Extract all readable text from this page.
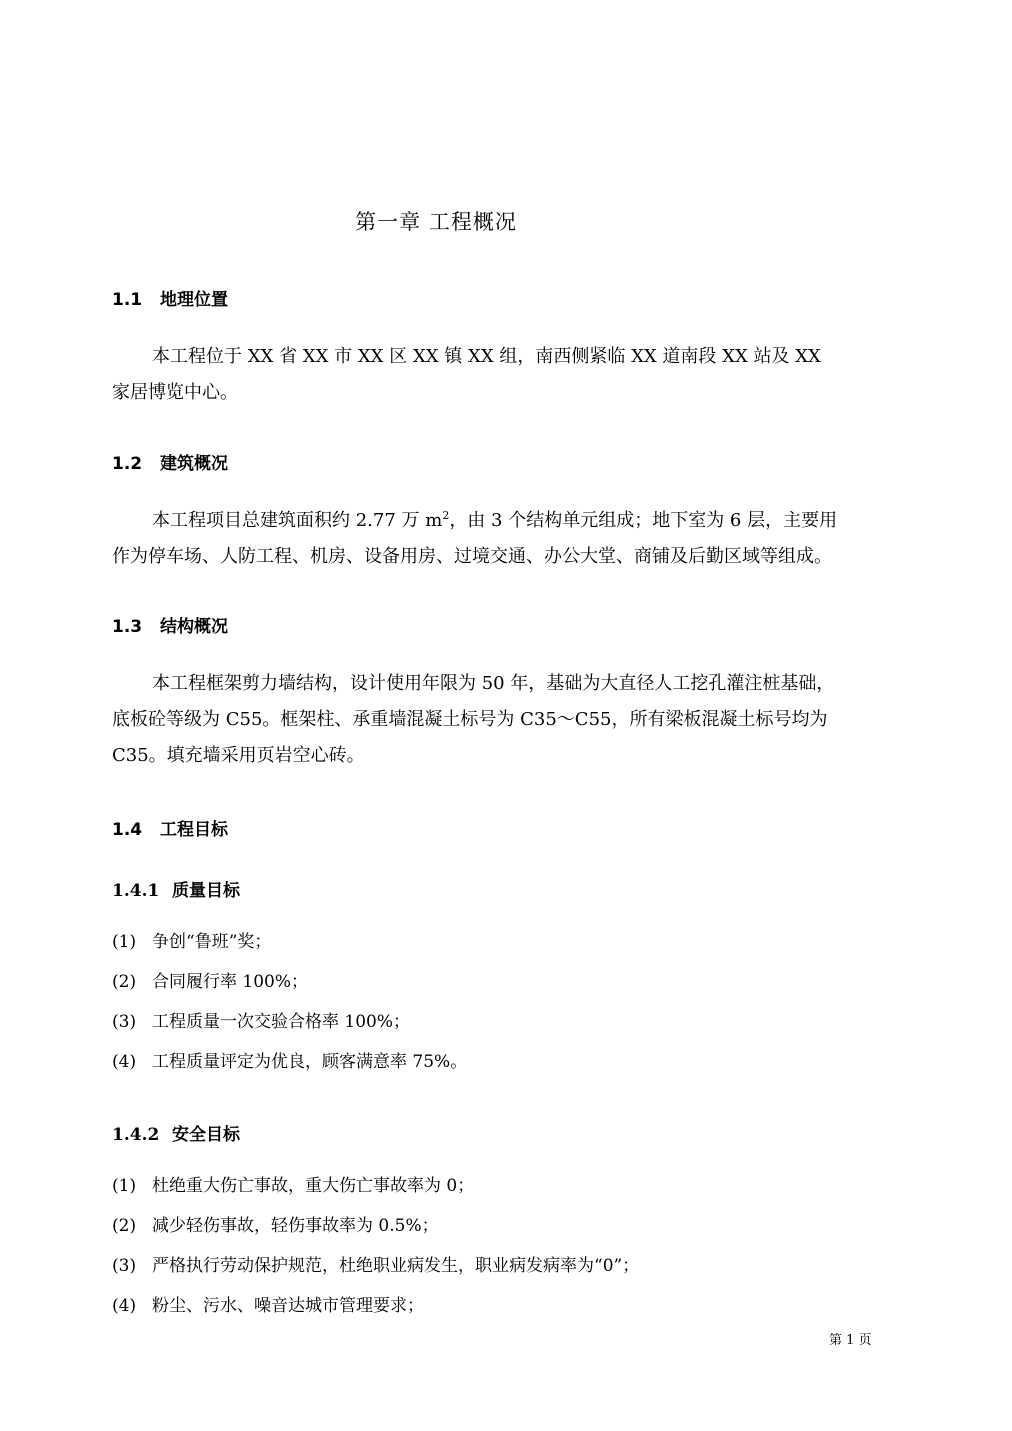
第一章 工程概况
1.1 地理位置
本工程位于 XX 省 XX 市 XX 区 XX 镇 XX 组，南西侧紧临 XX 道南段 XX 站及 XX
家居博览中心。
1.2 建筑概况
本工程项目总建筑面积约 2.77 万 $m^2$，由 3 个结构单元组成；地下室为 6 层，主要用
作为停车场、人防工程、机房、设备用房、过境交通、办公大堂、商铺及后勤区域等组成。
1.3 结构概况
本工程框架剪力墙结构，设计使用年限为 50 年，基础为大直径人工挖孔灌注桩基础，
底板砼等级为 C55。框架柱、承重墙混凝土标号为 C35～C55，所有梁板混凝土标号均为
C35。填充墙采用页岩空心砖。
1.4 工程目标
1.4.1 质量目标
(1) 争创“鲁班”奖；
(2) 合同履行率 100%；
(3) 工程质量一次交验合格率 100%；
(4) 工程质量评定为优良，顾客满意率 75%。
1.4.2 安全目标
(1) 杜绝重大伤亡事故，重大伤亡事故率为 0；
(2) 减少轻伤事故，轻伤事故率为 0.5%；
(3) 严格执行劳动保护规范，杜绝职业病发生，职业病发病率为“0”；
(4) 粉尘、污水、噪音达城市管理要求；
第 1 页
